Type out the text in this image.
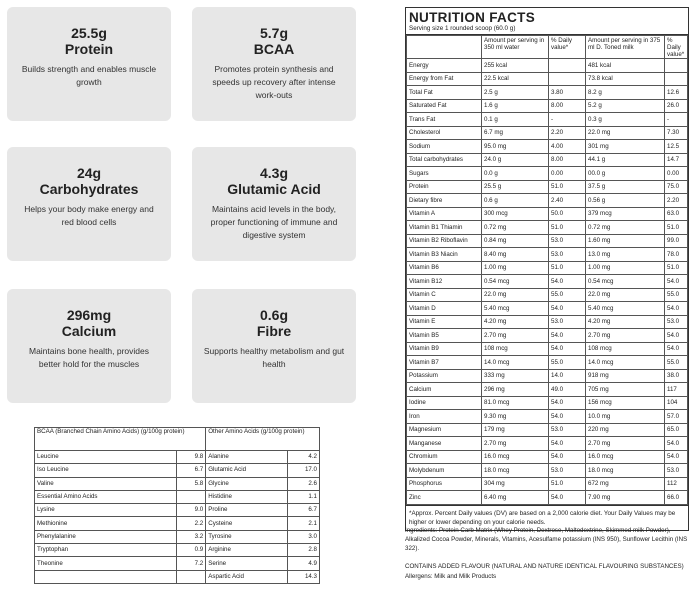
25.5g
Protein
Builds strength and enables muscle growth
5.7g
BCAA
Promotes protein synthesis and speeds up recovery after intense work-outs
24g
Carbohydrates
Helps your body make energy and red blood cells
4.3g
Glutamic Acid
Maintains acid levels in the body, proper functioning of immune and digestive system
296mg
Calcium
Maintains bone health, provides better hold for the muscles
0.6g
Fibre
Supports healthy metabolism and gut health
BCAA (Branched Chain Amino Acids) (g/100g protein)		Other Amino Acids (g/100g protein)	
Leucine	9.8	Alanine	4.2
Iso Leucine	6.7	Glutamic Acid	17.0
Valine	5.8	Glycine	2.6
Essential Amino Acids		Histidine	1.1
Lysine	9.0	Proline	6.7
Methionine	2.2	Cysteine	2.1
Phenylalanine	3.2	Tyrosine	3.0
Tryptophan	0.9	Arginine	2.8
Theonine	7.2	Serine	4.9
		Aspartic Acid	14.3
NUTRITION FACTS
Serving size 1 rounded scoop (60.0 g)
	Amount per serving in 350 ml water	% Daily value*	Amount per serving in 375 ml D. Toned milk	% Daily value*
Energy	255 kcal		481 kcal	
Energy from Fat	22.5 kcal		73.8 kcal	
Total Fat	2.5 g	3.80	8.2 g	12.6
Saturated Fat	1.6 g	8.00	5.2 g	26.0
Trans Fat	0.1 g	-	0.3 g	-
Cholesterol	6.7 mg	2.20	22.0 mg	7.30
Sodium	95.0 mg	4.00	301 mg	12.5
Total carbohydrates	24.0 g	8.00	44.1 g	14.7
Sugars	0.0 g	0.00	00.0 g	0.00
Protein	25.5 g	51.0	37.5 g	75.0
Dietary fibre	0.6 g	2.40	0.56 g	2.20
Vitamin A	300 mcg	50.0	379 mcg	63.0
Vitamin B1 Thiamin	0.72 mg	51.0	0.72 mg	51.0
Vitamin B2 Riboflavin	0.84 mg	53.0	1.60 mg	99.0
Vitamin B3 Niacin	8.40 mg	53.0	13.0 mg	78.0
Vitamin B6	1.00 mg	51.0	1.00 mg	51.0
Vitamin B12	0.54 mcg	54.0	0.54 mcg	54.0
Vitamin C	22.0 mg	55.0	22.0 mg	55.0
Vitamin D	5.40 mcg	54.0	5.40 mcg	54.0
Vitamin E	4.20 mg	53.0	4.20 mg	53.0
Vitamin B5	2.70 mg	54.0	2.70 mg	54.0
Vitamin B9	108 mcg	54.0	108 mcg	54.0
Vitamin B7	14.0 mcg	55.0	14.0 mcg	55.0
Potassium	333 mg	14.0	918 mg	38.0
Calcium	296 mg	49.0	705 mg	117
Iodine	81.0 mcg	54.0	156 mcg	104
Iron	9.30 mg	54.0	10.0 mg	57.0
Magnesium	179 mg	53.0	220 mg	65.0
Manganese	2.70 mg	54.0	2.70 mg	54.0
Chromium	16.0 mcg	54.0	16.0 mcg	54.0
Molybdenum	18.0 mcg	53.0	18.0 mcg	53.0
Phosphorus	304 mg	51.0	672 mg	112
Zinc	6.40 mg	54.0	7.90 mg	66.0
*Approx. Percent Daily values (DV) are based on a 2,000 calorie diet. Your Daily Values may be higher or lower depending on your calorie needs.
Ingredients: Protein Carb Matrix (Whey Protein, Dextrose, Maltodextrine, Skimmed milk Powder), Alkalized Cocoa Powder, Minerals, Vitamins, Acesulfame potassium (INS 950), Sunflower Lecithin (INS 322).
CONTAINS ADDED FLAVOUR (NATURAL AND NATURE IDENTICAL FLAVOURING SUBSTANCES)
Allergens: Milk and Milk Products
